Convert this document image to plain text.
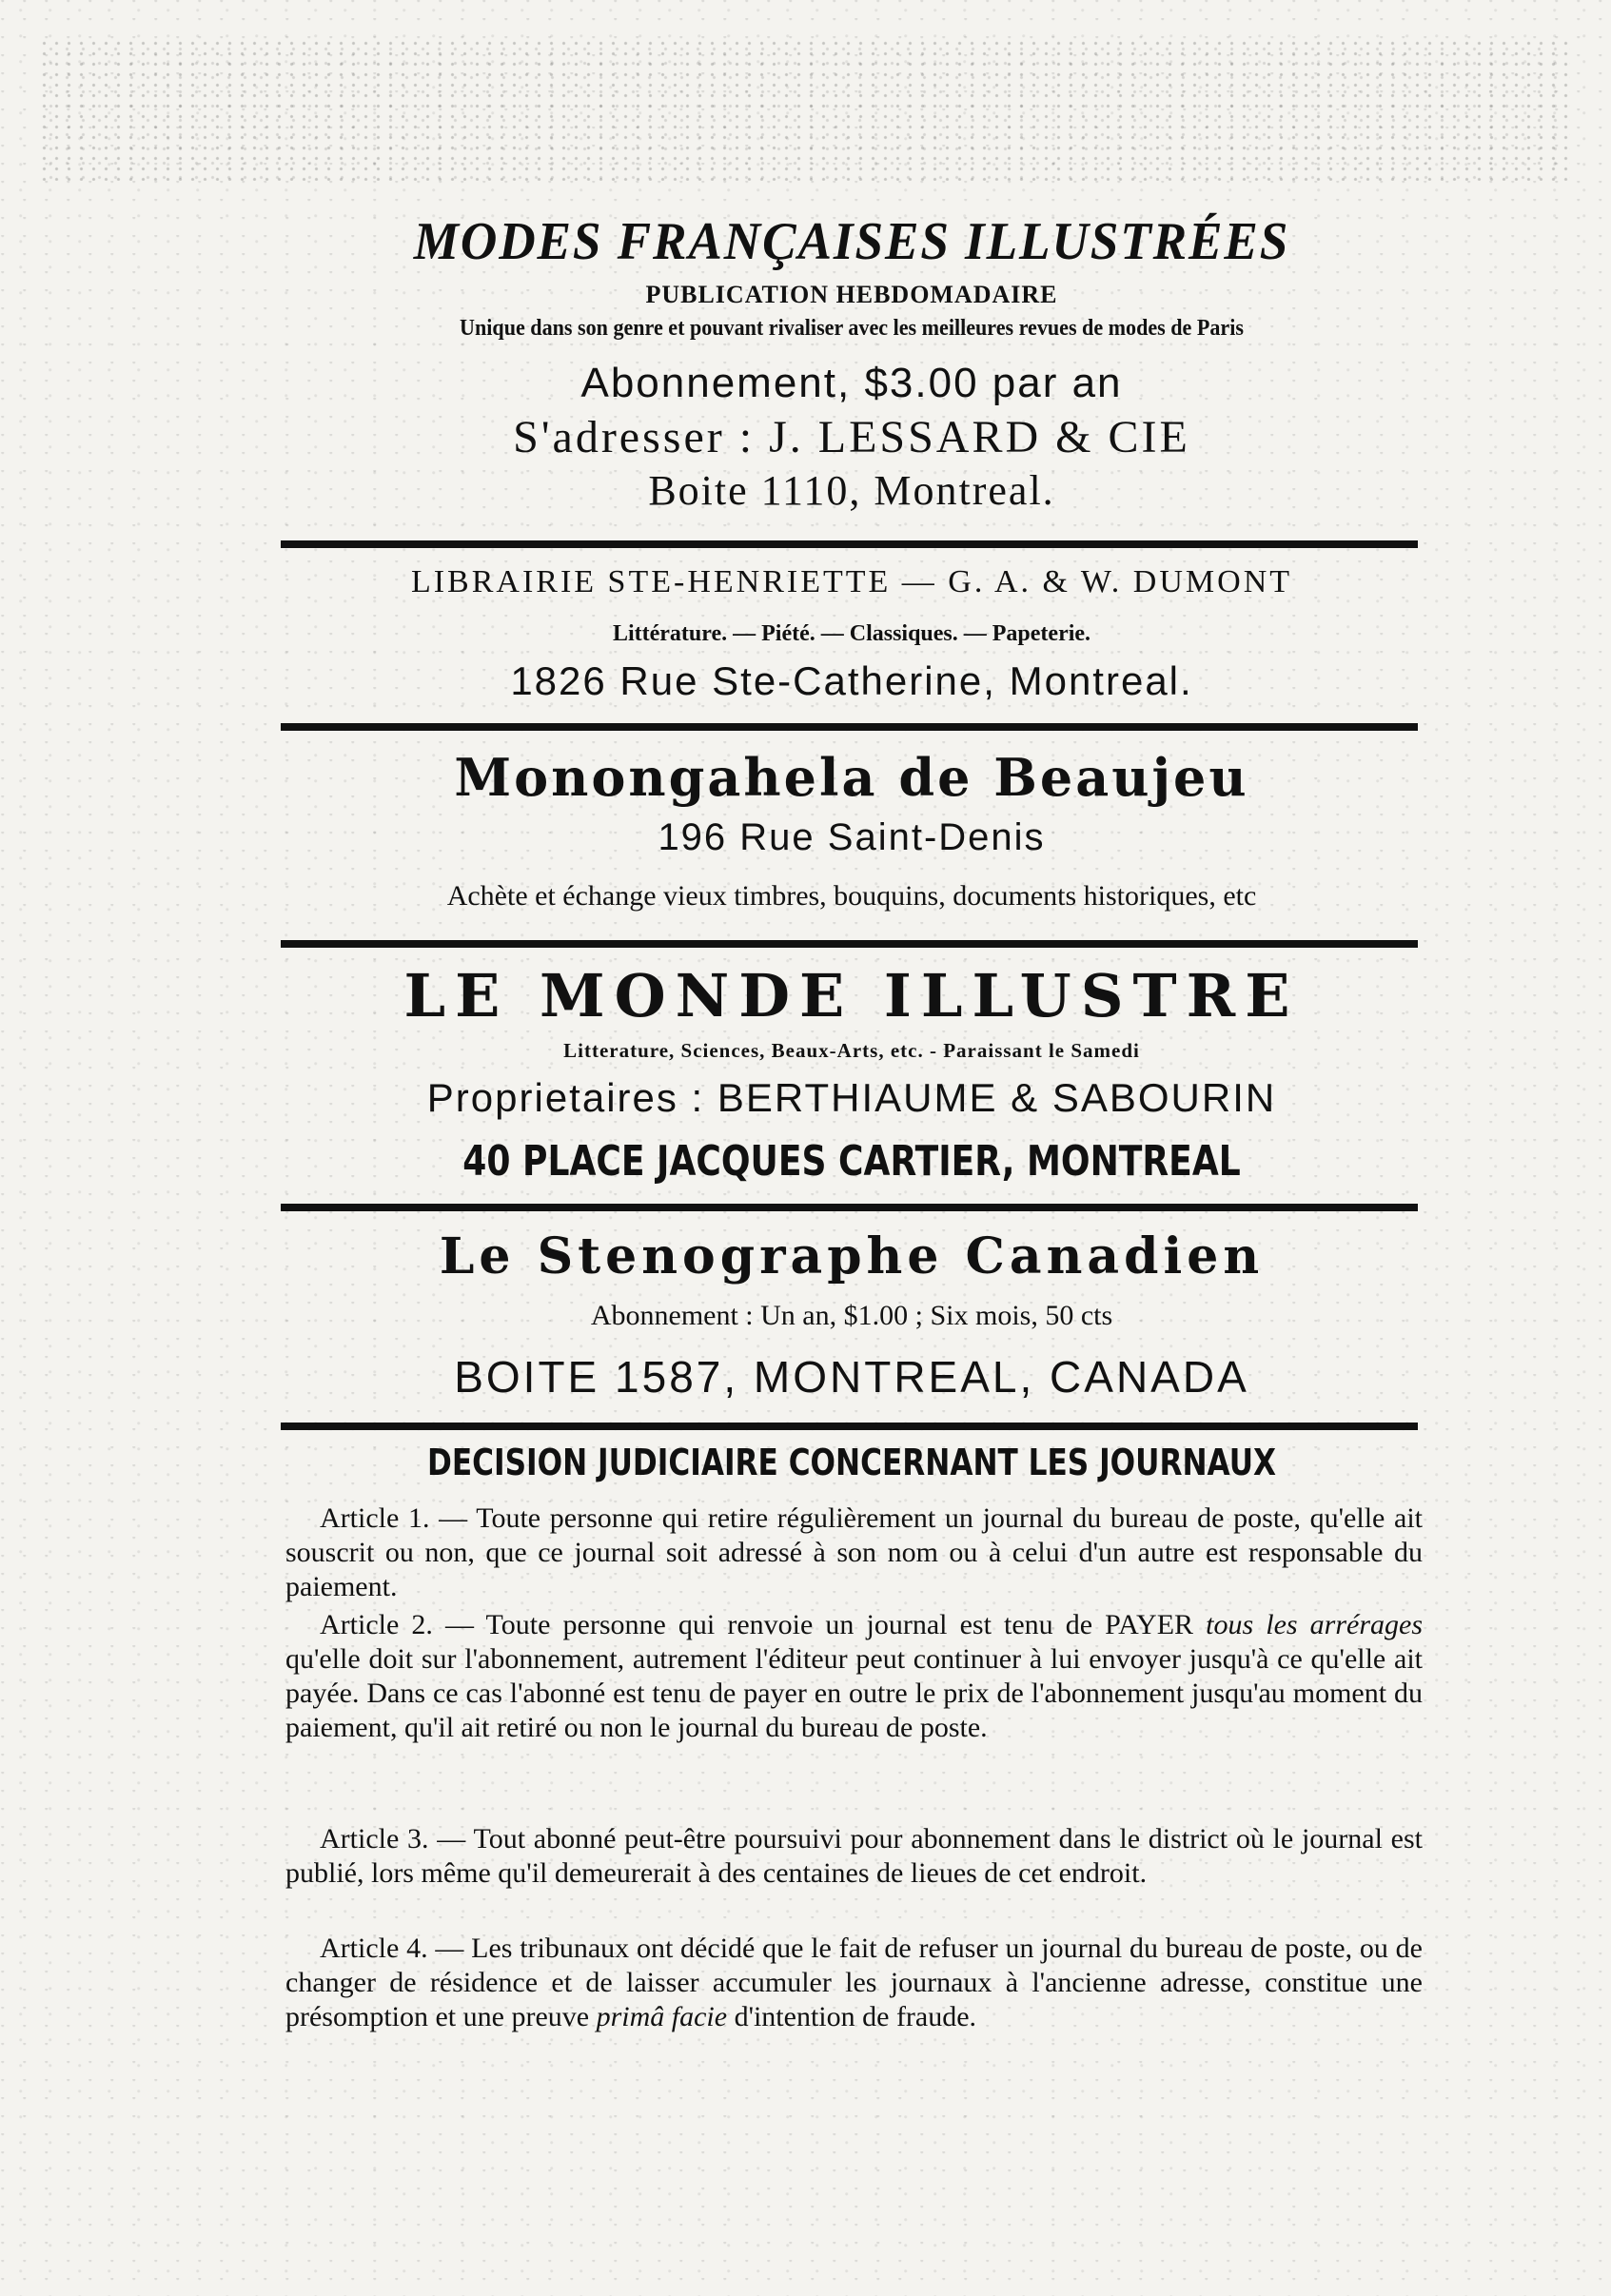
MODES FRANÇAISES ILLUSTRÉES
PUBLICATION HEBDOMADAIRE
Unique dans son genre et pouvant rivaliser avec les meilleures revues de modes de Paris
Abonnement, $3.00 par an
S'adresser : J. LESSARD & CIE
Boite 1110, Montreal.
LIBRAIRIE STE-HENRIETTE — G. A. & W. DUMONT
Littérature. — Piété. — Classiques. — Papeterie.
1826 Rue Ste-Catherine, Montreal.
Monongahela de Beaujeu
196 Rue Saint-Denis
Achète et échange vieux timbres, bouquins, documents historiques, etc
LE MONDE ILLUSTRE
Litterature, Sciences, Beaux-Arts, etc. - Paraissant le Samedi
Proprietaires : BERTHIAUME & SABOURIN
40 PLACE JACQUES CARTIER, MONTREAL
Le Stenographe Canadien
Abonnement : Un an, $1.00 ; Six mois, 50 cts
BOITE 1587, MONTREAL, CANADA
DECISION JUDICIAIRE CONCERNANT LES JOURNAUX

Article 1. — Toute personne qui retire régulièrement un journal du bureau de poste, qu'elle ait souscrit ou non, que ce journal soit adressé à son nom ou à celui d'un autre est responsable du paiement.

Article 2. — Toute personne qui renvoie un journal est tenu de PAYER tous les arrérages qu'elle doit sur l'abonnement, autrement l'éditeur peut continuer à lui envoyer jusqu'à ce qu'elle ait payée. Dans ce cas l'abonné est tenu de payer en outre le prix de l'abonnement jusqu'au moment du paiement, qu'il ait retiré ou non le journal du bureau de poste.

Article 3. — Tout abonné peut-être poursuivi pour abonnement dans le district où le journal est publié, lors même qu'il demeurerait à des centaines de lieues de cet endroit.

Article 4. — Les tribunaux ont décidé que le fait de refuser un journal du bureau de poste, ou de changer de résidence et de laisser accumuler les journaux à l'ancienne adresse, constitue une présomption et une preuve primâ facie d'intention de fraude.
